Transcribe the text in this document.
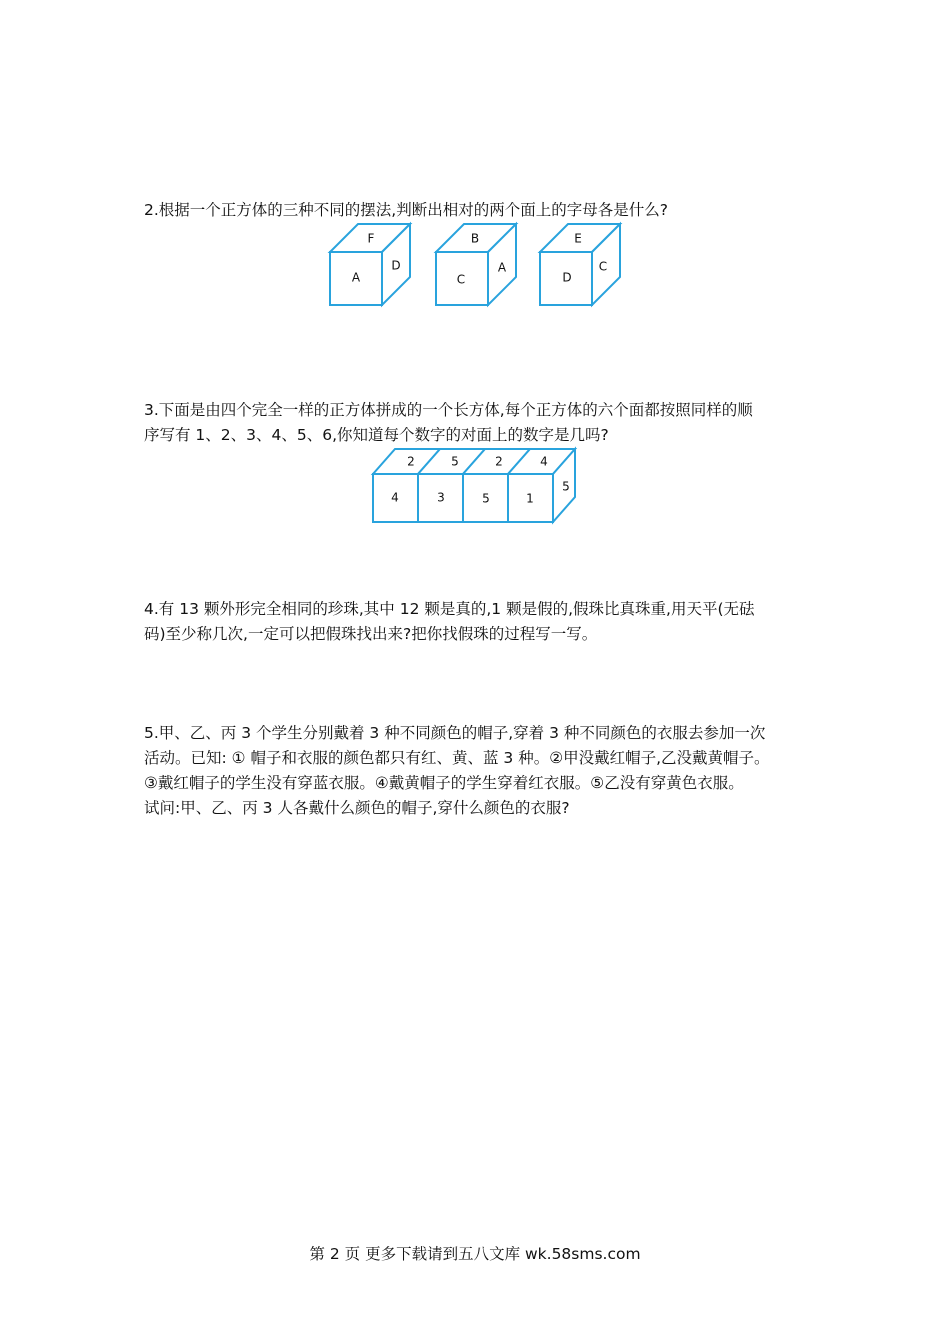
2.根据一个正方体的三种不同的摆法,判断出相对的两个面上的字母各是什么?

F
A
D
B
C
A
E
D
C

3.下面是由四个完全一样的正方体拼成的一个长方体,每个正方体的六个面都按照同样的顺

序写有 1、2、3、4、5、6,你知道每个数字的对面上的数字是几吗?

2	5	2	4
4	3	5	1
5

4.有 13 颗外形完全相同的珍珠,其中 12 颗是真的,1 颗是假的,假珠比真珠重,用天平(无砝

码)至少称几次,一定可以把假珠找出来?把你找假珠的过程写一写。

5.甲、乙、丙 3 个学生分别戴着 3 种不同颜色的帽子,穿着 3 种不同颜色的衣服去参加一次

活动。已知: ① 帽子和衣服的颜色都只有红、黄、蓝 3 种。②甲没戴红帽子,乙没戴黄帽子。

③戴红帽子的学生没有穿蓝衣服。④戴黄帽子的学生穿着红衣服。⑤乙没有穿黄色衣服。

试问:甲、乙、丙 3 人各戴什么颜色的帽子,穿什么颜色的衣服?

第 2 页 更多下载请到五八文库 wk.58sms.com
